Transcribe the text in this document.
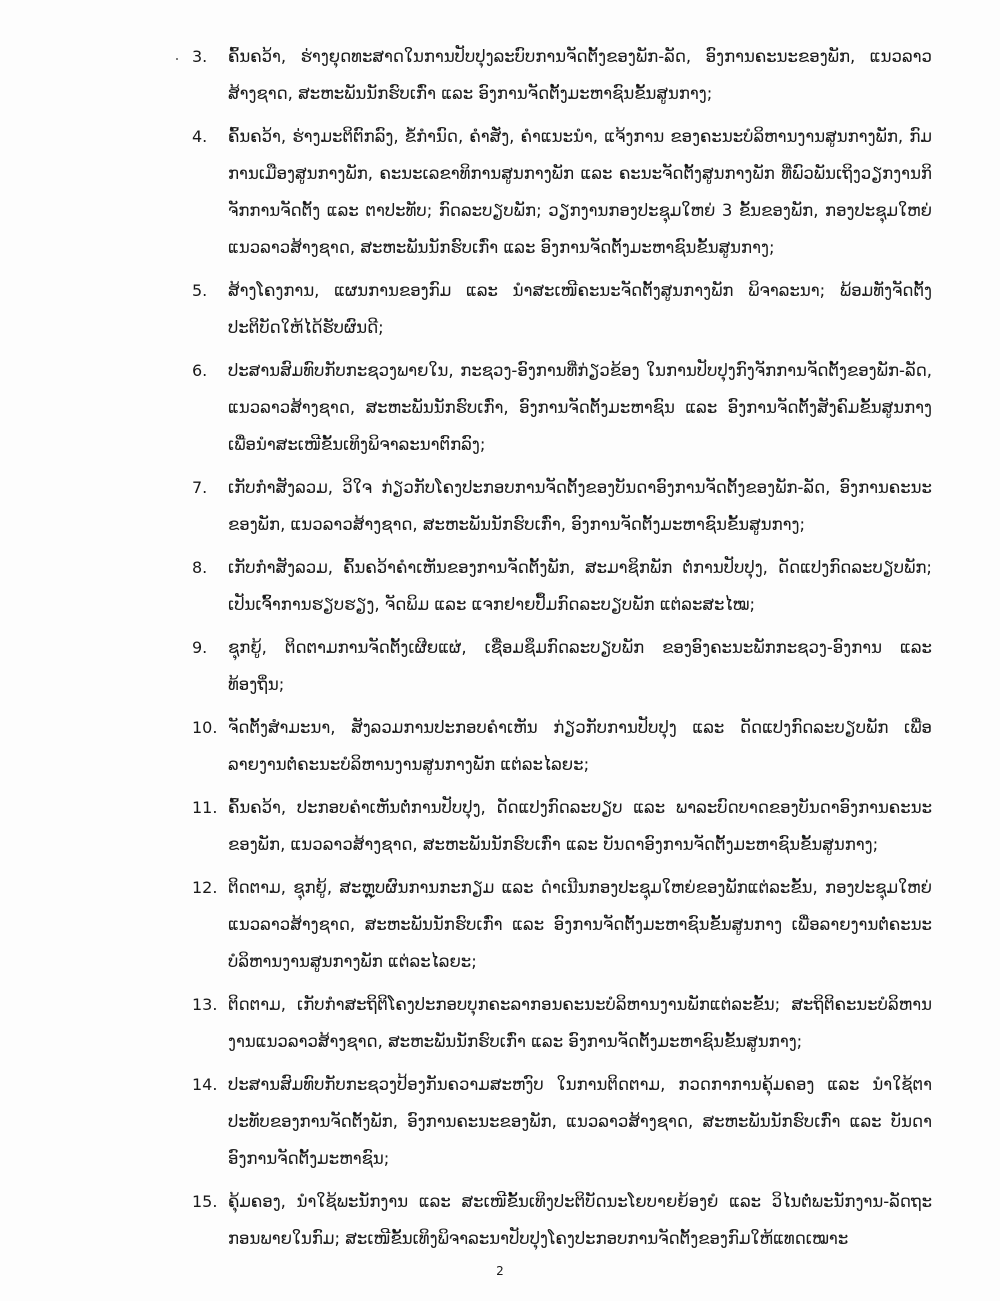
3.	ຄົ້ນຄວ້າ, ຮ່າງຍຸດທະສາດໃນການປັບປຸງລະບົບການຈັດຕັ້ງຂອງພັກ-ລັດ, ອົງການຄະນະຂອງພັກ, ແນວລາວສ້າງຊາດ, ສະຫະພັນນັກຮົບເກົ່າ ແລະ ອົງການຈັດຕັ້ງມະຫາຊົນຂັ້ນສູນກາງ;
4.	ຄົ້ນຄວ້າ, ຮ່າງມະຕິຕົກລົງ, ຂໍ້ກຳນົດ, ຄຳສັ່ງ, ຄຳແນະນຳ, ແຈ້ງການ ຂອງຄະນະບໍລິຫານງານສູນກາງພັກ, ກົມການເມືອງສູນກາງພັກ, ຄະນະເລຂາທິການສູນກາງພັກ ແລະ ຄະນະຈັດຕັ້ງສູນກາງພັກ ທີ່ພົວພັນເຖິງວຽກງານກິຈັກການຈັດຕັ້ງ ແລະ ຕາປະທັບ; ກົດລະບຽບພັກ; ວຽກງານກອງປະຊຸມໃຫຍ່ 3 ຂັ້ນຂອງພັກ, ກອງປະຊຸມໃຫຍ່ແນວລາວສ້າງຊາດ, ສະຫະພັນນັກຮົບເກົ່າ ແລະ ອົງການຈັດຕັ້ງມະຫາຊົນຂັ້ນສູນກາງ;
5.	ສ້າງໂຄງການ, ແຜນການຂອງກົມ ແລະ ນຳສະເໜີຄະນະຈັດຕັ້ງສູນກາງພັກ ພິຈາລະນາ; ພ້ອມທັງຈັດຕັ້ງປະຕິບັດໃຫ້ໄດ້ຮັບຜົນດີ;
6.	ປະສານສົມທົບກັບກະຊວງພາຍໃນ, ກະຊວງ-ອົງການທີ່ກ່ຽວຂ້ອງ ໃນການປັບປຸງກົງຈັກການຈັດຕັ້ງຂອງພັກ-ລັດ, ແນວລາວສ້າງຊາດ, ສະຫະພັນນັກຮົບເກົ່າ, ອົງການຈັດຕັ້ງມະຫາຊົນ ແລະ ອົງການຈັດຕັ້ງສັງຄົມຂັ້ນສູນກາງ ເພື່ອນຳສະເໜີຂັ້ນເທິງພິຈາລະນາຕົກລົງ;
7.	ເກັບກຳສັງລວມ, ວິໃຈ ກ່ຽວກັບໂຄງປະກອບການຈັດຕັ້ງຂອງບັນດາອົງການຈັດຕັ້ງຂອງພັກ-ລັດ, ອົງການຄະນະຂອງພັກ, ແນວລາວສ້າງຊາດ, ສະຫະພັນນັກຮົບເກົ່າ, ອົງການຈັດຕັ້ງມະຫາຊົນຂັ້ນສູນກາງ;
8.	ເກັບກຳສັງລວມ, ຄົ້ນຄວ້າຄຳເຫັນຂອງການຈັດຕັ້ງພັກ, ສະມາຊິກພັກ ຕໍ່ການປັບປຸງ, ດັດແປງກົດລະບຽບພັກ; ເປັນເຈົ້າການຮຽບຮຽງ, ຈັດພິມ ແລະ ແຈກຢາຍປຶ້ມກົດລະບຽບພັກ ແຕ່ລະສະໄໝ;
9.	ຊຸກຍູ້, ຕິດຕາມການຈັດຕັ້ງເຜີຍແຜ່, ເຊື່ອມຊຶມກົດລະບຽບພັກ ຂອງອົງຄະນະພັກກະຊວງ-ອົງການ ແລະ ທ້ອງຖິ່ນ;
10. ຈັດຕັ້ງສຳມະນາ, ສັງລວມການປະກອບຄຳເຫັນ ກ່ຽວກັບການປັບປຸງ ແລະ ດັດແປງກົດລະບຽບພັກ ເພື່ອລາຍງານຕໍ່ຄະນະບໍລິຫານງານສູນກາງພັກ ແຕ່ລະໄລຍະ;
11. ຄົ້ນຄວ້າ, ປະກອບຄຳເຫັນຕໍ່ການປັບປຸງ, ດັດແປງກົດລະບຽບ ແລະ ພາລະບົດບາດຂອງບັນດາອົງການຄະນະຂອງພັກ, ແນວລາວສ້າງຊາດ, ສະຫະພັນນັກຮົບເກົ່າ ແລະ ບັນດາອົງການຈັດຕັ້ງມະຫາຊົນຂັ້ນສູນກາງ;
12. ຕິດຕາມ, ຊຸກຍູ້, ສະຫຼຸບຜົນການກະກຽມ ແລະ ດຳເນີນກອງປະຊຸມໃຫຍ່ຂອງພັກແຕ່ລະຂັ້ນ, ກອງປະຊຸມໃຫຍ່ແນວລາວສ້າງຊາດ, ສະຫະພັນນັກຮົບເກົ່າ ແລະ ອົງການຈັດຕັ້ງມະຫາຊົນຂັ້ນສູນກາງ ເພື່ອລາຍງານຕໍ່ຄະນະບໍລິຫານງານສູນກາງພັກ ແຕ່ລະໄລຍະ;
13. ຕິດຕາມ, ເກັບກຳສະຖິຕິໂຄງປະກອບບຸກຄະລາກອນຄະນະບໍລິຫານງານພັກແຕ່ລະຂັ້ນ; ສະຖິຕິຄະນະບໍລິຫານງານແນວລາວສ້າງຊາດ, ສະຫະພັນນັກຮົບເກົ່າ ແລະ ອົງການຈັດຕັ້ງມະຫາຊົນຂັ້ນສູນກາງ;
14. ປະສານສົມທົບກັບກະຊວງປ້ອງກັນຄວາມສະຫງົບ ໃນການຕິດຕາມ, ກວດກາການຄຸ້ມຄອງ ແລະ ນຳໃຊ້ຕາປະທັບຂອງການຈັດຕັ້ງພັກ, ອົງການຄະນະຂອງພັກ, ແນວລາວສ້າງຊາດ, ສະຫະພັນນັກຮົບເກົ່າ ແລະ ບັນດາອົງການຈັດຕັ້ງມະຫາຊົນ;
15. ຄຸ້ມຄອງ, ນຳໃຊ້ພະນັກງານ ແລະ ສະເໜີຂັ້ນເທິງປະຕິບັດນະໂຍບາຍຍ້ອງຍໍ ແລະ ວິໄນຕໍ່ພະນັກງານ-ລັດຖະກອນພາຍໃນກົມ; ສະເໜີຂັ້ນເທິງພິຈາລະນາປັບປຸງໂຄງປະກອບການຈັດຕັ້ງຂອງກົມໃຫ້ແທດເໝາະ
2
